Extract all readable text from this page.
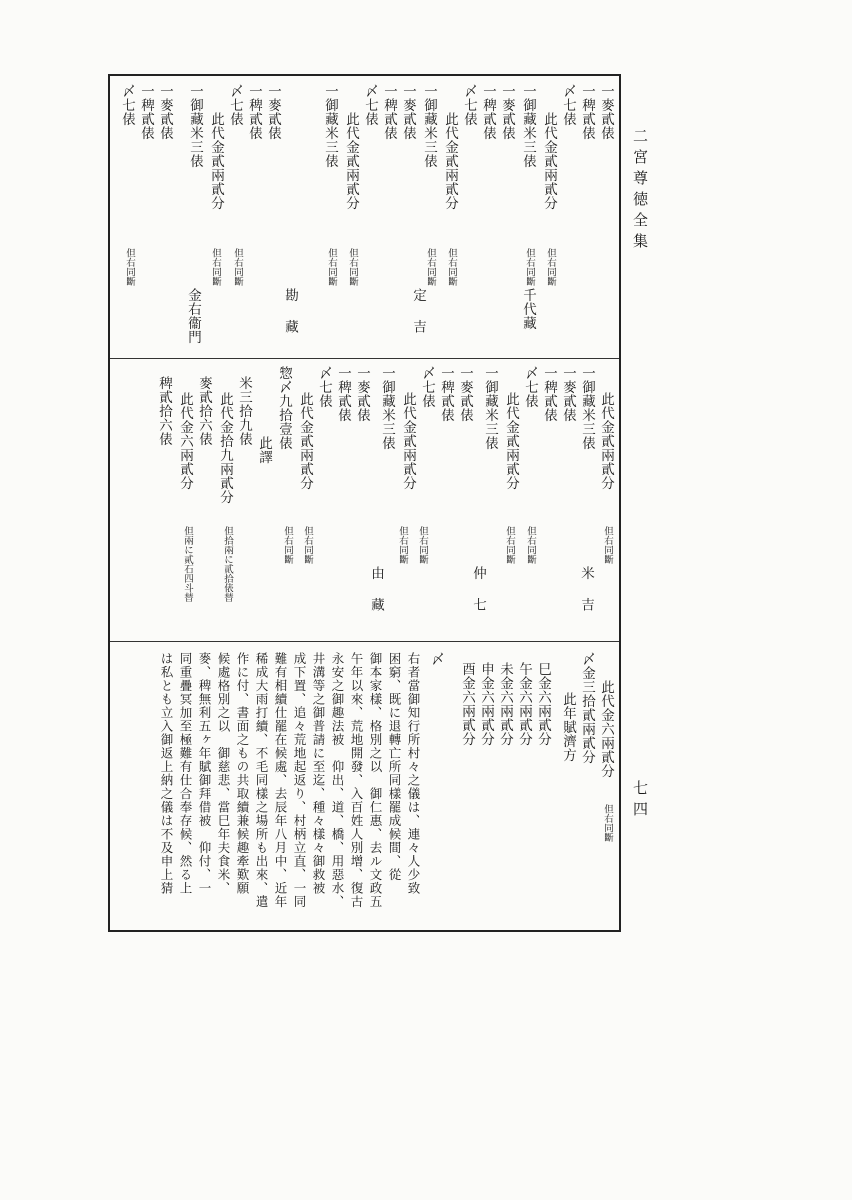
二宮尊徳全集
七四
一麥貳俵
一稗貳俵
〆七俵
此代金貳兩貳分
但右同斷
一御藏米三俵
但右同斷
千代藏
一麥貳俵
一稗貳俵
〆七俵
此代金貳兩貳分
但右同斷
一御藏米三俵
但右同斷
定吉
一麥貳俵
一稗貳俵
〆七俵
此代金貳兩貳分
但右同斷
一御藏米三俵
但右同斷
勘藏
一麥貳俵
一稗貳俵
〆七俵
此代金貳兩貳分
但右同斷
一御藏米三俵
但右同斷
金右衞門
一麥貳俵
一稗貳俵
〆七俵
但右同斷
此代金貳兩貳分
但右同斷
米吉
一御藏米三俵
一麥貳俵
一稗貳俵
〆七俵
此代金貳兩貳分
但右同斷
一御藏米三俵
但右同斷
仲七
一麥貳俵
一稗貳俵
〆七俵
此代金貳兩貳分
但右同斷
一御藏米三俵
但右同斷
由藏
一麥貳俵
一稗貳俵
〆七俵
此代金貳兩貳分
但右同斷
惣〆九拾壹俵
但右同斷
此譯
米三拾九俵
此代金拾九兩貳分
但拾兩に貳拾俵替
麥貳拾六俵
此代金六兩貳分
但兩に貳石四斗替
稗貳拾六俵
此代金六兩貳分
但右同斷
〆金三拾貳兩貳分
此年賦濟方
巳金六兩貳分
午金六兩貳分
未金六兩貳分
申金六兩貳分
酉金六兩貳分
〆
右者當御知行所村々之儀は、連々人少致
困窮、既に退轉亡所同樣罷成候間、從
御本家樣、格別之以　御仁惠、去ル文政五
午年以來、荒地開發、入百姓人別增、復古
永安之御趣法被　仰出、道、橋、用惡水、
井溝等之御普請に至迄、種々樣々御救被
成下置、追々荒地起返り、村柄立直、一同
難有相續仕罷在候處、去辰年八月中、近年
稀成大雨打續、不毛同樣之場所も出來、遣
作に付、書面之もの共取續兼候趣牽歎願
候處格別之以　御慈悲、當巳年夫食米、
麥、稗無利五ヶ年賦御拜借被　仰付、一
同重疊冥加至極難有仕合奉存候、然る上
は私とも立入御返上納之儀は不及申上猜
